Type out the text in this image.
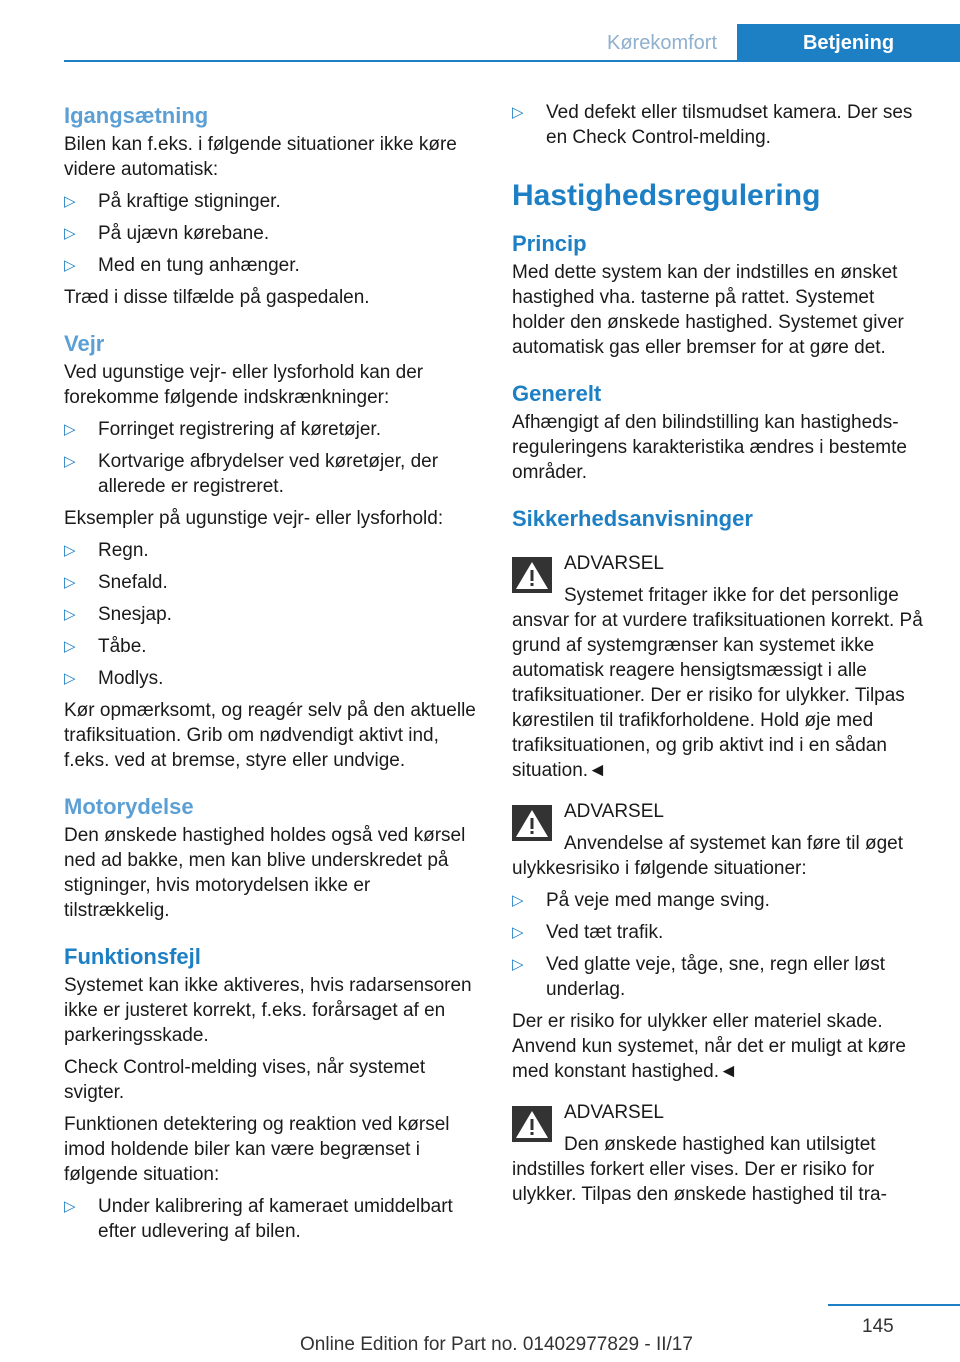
Kørekomfort	Betjening
Igangsætning

Bilen kan f.eks. i følgende situationer ikke køre videre automatisk:

▷ På kraftige stigninger.
▷ På ujævn kørebane.
▷ Med en tung anhænger.

Træd i disse tilfælde på gaspedalen.

Vejr

Ved ugunstige vejr- eller lysforhold kan der forekomme følgende indskrænkninger:

▷ Forringet registrering af køretøjer.
▷ Kortvarige afbrydelser ved køretøjer, der allerede er registreret.

Eksempler på ugunstige vejr- eller lysforhold:

▷ Regn.
▷ Snefald.
▷ Snesjap.
▷ Tåbe.
▷ Modlys.

Kør opmærksomt, og reagér selv på den aktuelle trafiksituation. Grib om nødvendigt aktivt ind, f.eks. ved at bremse, styre eller undvige.

Motorydelse

Den ønskede hastighed holdes også ved kørsel ned ad bakke, men kan blive underskredet på stigninger, hvis motorydelsen ikke er tilstrækkelig.

Funktionsfejl

Systemet kan ikke aktiveres, hvis radarsensoren ikke er justeret korrekt, f.eks. forårsaget af en parkeringsskade.

Check Control-melding vises, når systemet svigter.

Funktionen detektering og reaktion ved kørsel imod holdende biler kan være begrænset i følgende situation:

▷ Under kalibrering af kameraet umiddelbart efter udlevering af bilen.
▷ Ved defekt eller tilsmudset kamera. Der ses en Check Control-melding.
Hastighedsregulering
Princip

Med dette system kan der indstilles en ønsket hastighed vha. tasterne på rattet. Systemet holder den ønskede hastighed. Systemet giver automatisk gas eller bremser for at gøre det.

Generelt

Afhængigt af den bilindstilling kan hastighedsreguleringens karakteristika ændres i bestemte områder.

Sikkerhedsanvisninger
ADVARSEL

Systemet fritager ikke for det personlige ansvar for at vurdere trafiksituationen korrekt. På grund af systemgrænser kan systemet ikke automatisk reagere hensigtsmæssigt i alle trafiksituationer. Der er risiko for ulykker. Tilpas kørestilen til trafikforholdene. Hold øje med trafiksituationen, og grib aktivt ind i en sådan situation.◄

ADVARSEL

Anvendelse af systemet kan føre til øget ulykkesrisiko i følgende situationer:

▷ På veje med mange sving.
▷ Ved tæt trafik.
▷ Ved glatte veje, tåge, sne, regn eller løst underlag.

Der er risiko for ulykker eller materiel skade. Anvend kun systemet, når det er muligt at køre med konstant hastighed.◄

ADVARSEL

Den ønskede hastighed kan utilsigtet indstilles forkert eller vises. Der er risiko for ulykker. Tilpas den ønskede hastighed til tra-

145
Online Edition for Part no. 01402977829 - II/17
